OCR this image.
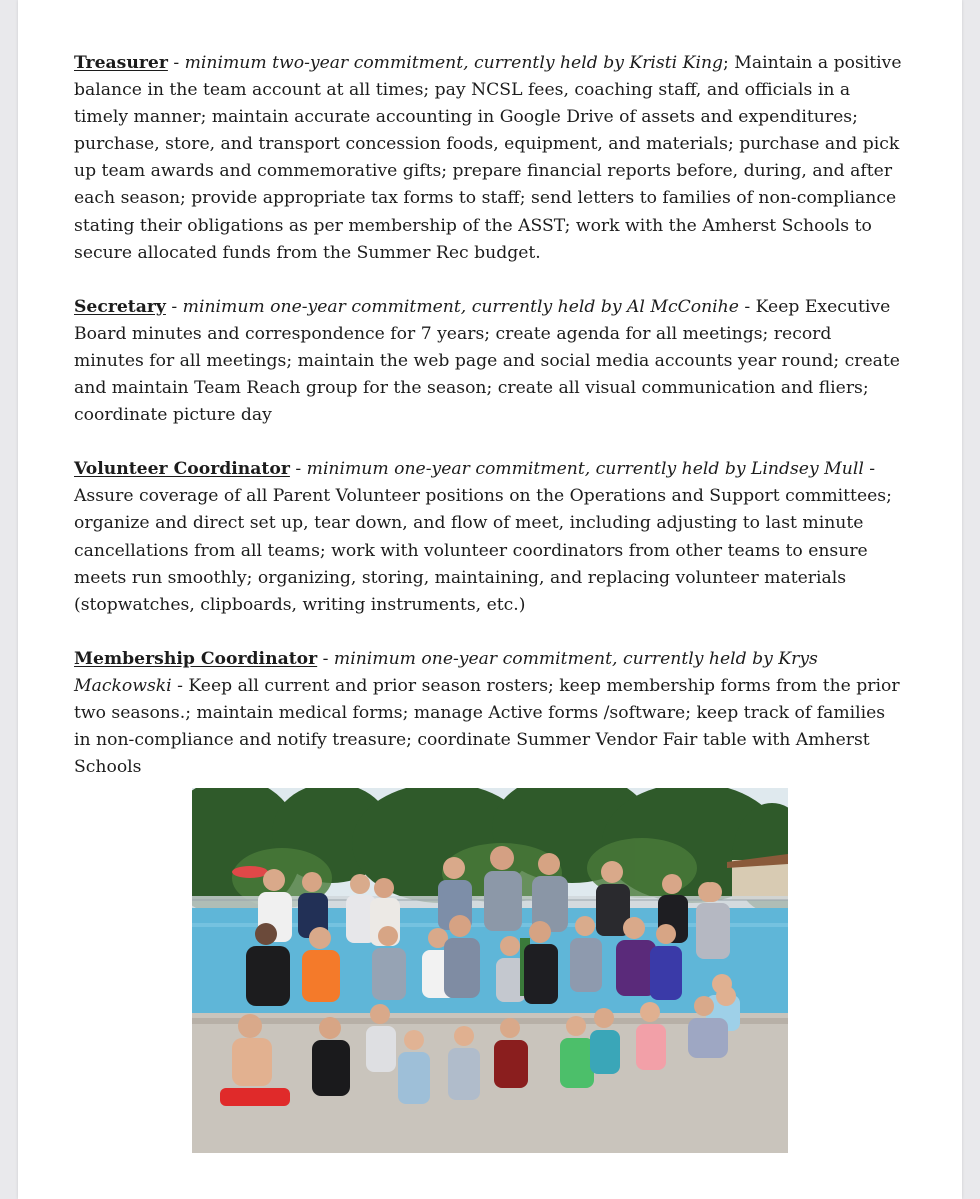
Treasurer - minimum two-year commitment, currently held by Kristi King; Maintain a positive balance in the team account at all times; pay NCSL fees, coaching staff, and officials in a timely manner; maintain accurate accounting in Google Drive of assets and expenditures; purchase, store, and transport concession foods, equipment, and materials; purchase and pick up team awards and commemorative gifts; prepare financial reports before, during, and after each season; provide appropriate tax forms to staff; send letters to families of non-compliance stating their obligations as per membership of the ASST; work with the Amherst Schools to secure allocated funds from the Summer Rec budget.

Secretary - minimum one-year commitment, currently held by Al McConihe - Keep Executive Board minutes and correspondence for 7 years; create agenda for all meetings; record minutes for all meetings; maintain the web page and social media accounts year round; create and maintain Team Reach group for the season; create all visual communication and fliers; coordinate picture day

Volunteer Coordinator - minimum one-year commitment, currently held by Lindsey Mull - Assure coverage of all Parent Volunteer positions on the Operations and Support committees; organize and direct set up, tear down, and flow of meet, including adjusting to last minute cancellations from all teams; work with volunteer coordinators from other teams to ensure meets run smoothly; organizing, storing, maintaining, and replacing volunteer materials (stopwatches, clipboards, writing instruments, etc.)

Membership Coordinator - minimum one-year commitment, currently held by Krys Mackowski - Keep all current and prior season rosters; keep membership forms from the prior two seasons.; maintain medical forms; manage Active forms /software; keep track of families in non-compliance and notify treasure; coordinate Summer Vendor Fair table with Amherst Schools
